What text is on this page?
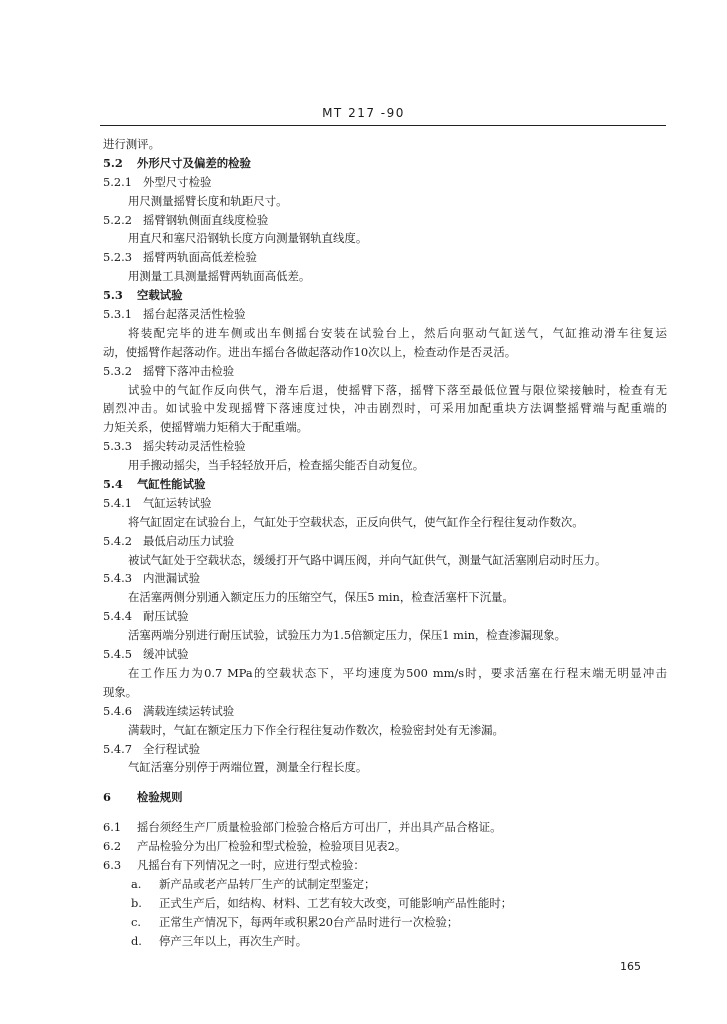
MT 217 -90
进行测评。
5.2 外形尺寸及偏差的检验
5.2.1 外型尺寸检验
用尺测量摇臂长度和轨距尺寸。
5.2.2 摇臂钢轨侧面直线度检验
用直尺和塞尺沿钢轨长度方向测量钢轨直线度。
5.2.3 摇臂两轨面高低差检验
用测量工具测量摇臂两轨面高低差。
5.3 空载试验
5.3.1 摇台起落灵活性检验
将装配完毕的进车侧或出车侧摇台安装在试验台上，然后向驱动气缸送气，气缸推动滑车往复运
动，使摇臂作起落动作。进出车摇台各做起落动作10次以上，检查动作是否灵活。
5.3.2 摇臂下落冲击检验
试验中的气缸作反向供气，滑车后退，使摇臂下落，摇臂下落至最低位置与限位梁接触时，检查有无
剧烈冲击。如试验中发现摇臂下落速度过快，冲击剧烈时，可采用加配重块方法调整摇臂端与配重端的
力矩关系，使摇臂端力矩稍大于配重端。
5.3.3 摇尖转动灵活性检验
用手搬动摇尖，当手轻轻放开后，检查摇尖能否自动复位。
5.4 气缸性能试验
5.4.1 气缸运转试验
将气缸固定在试验台上，气缸处于空载状态，正反向供气，使气缸作全行程往复动作数次。
5.4.2 最低启动压力试验
被试气缸处于空载状态，缓缓打开气路中调压阀，并向气缸供气，测量气缸活塞刚启动时压力。
5.4.3 内泄漏试验
在活塞两侧分别通入额定压力的压缩空气，保压5 min，检查活塞杆下沉量。
5.4.4 耐压试验
活塞两端分别进行耐压试验，试验压力为1.5倍额定压力，保压1 min，检查渗漏现象。
5.4.5 缓冲试验
在工作压力为0.7 MPa的空载状态下，平均速度为500 mm/s时，要求活塞在行程末端无明显冲击
现象。
5.4.6 满载连续运转试验
满载时，气缸在额定压力下作全行程往复动作数次，检验密封处有无渗漏。
5.4.7 全行程试验
气缸活塞分别停于两端位置，测量全行程长度。
6 检验规则
6.1 摇台须经生产厂质量检验部门检验合格后方可出厂，并出具产品合格证。
6.2 产品检验分为出厂检验和型式检验，检验项目见表2。
6.3 凡摇台有下列情况之一时，应进行型式检验：
a. 新产品或老产品转厂生产的试制定型鉴定；
b. 正式生产后，如结构、材料、工艺有较大改变，可能影响产品性能时；
c. 正常生产情况下，每两年或积累20台产品时进行一次检验；
d. 停产三年以上，再次生产时。
165
